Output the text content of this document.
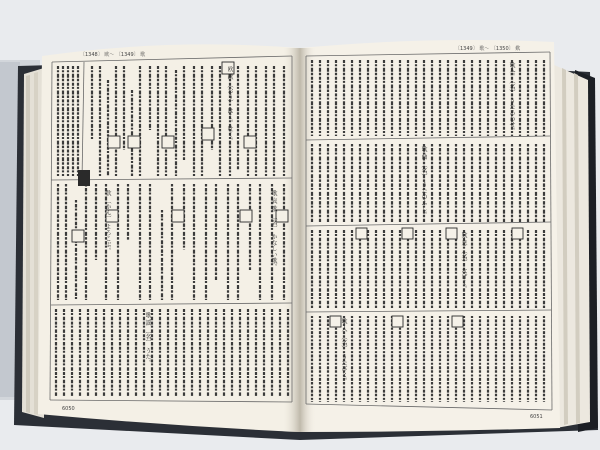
〔1348〕 欧〜 〔1349〕 歌
〔1349〕 歌〜 〔1350〕 歎
6050
6051
歌 哀 歌 〔名〕 かなしい歌。
欧 歐 〔おう〕 はく。吐く。
歌 謡 〔名〕 うた。
款 〔かん〕 よろこぶ。
歌 合 〔名〕 うたあわせ。
歌 曲 〔名〕 うたのふし。
歎 息 〔名〕 なげく。
歌 人 〔名〕 うたびと。
